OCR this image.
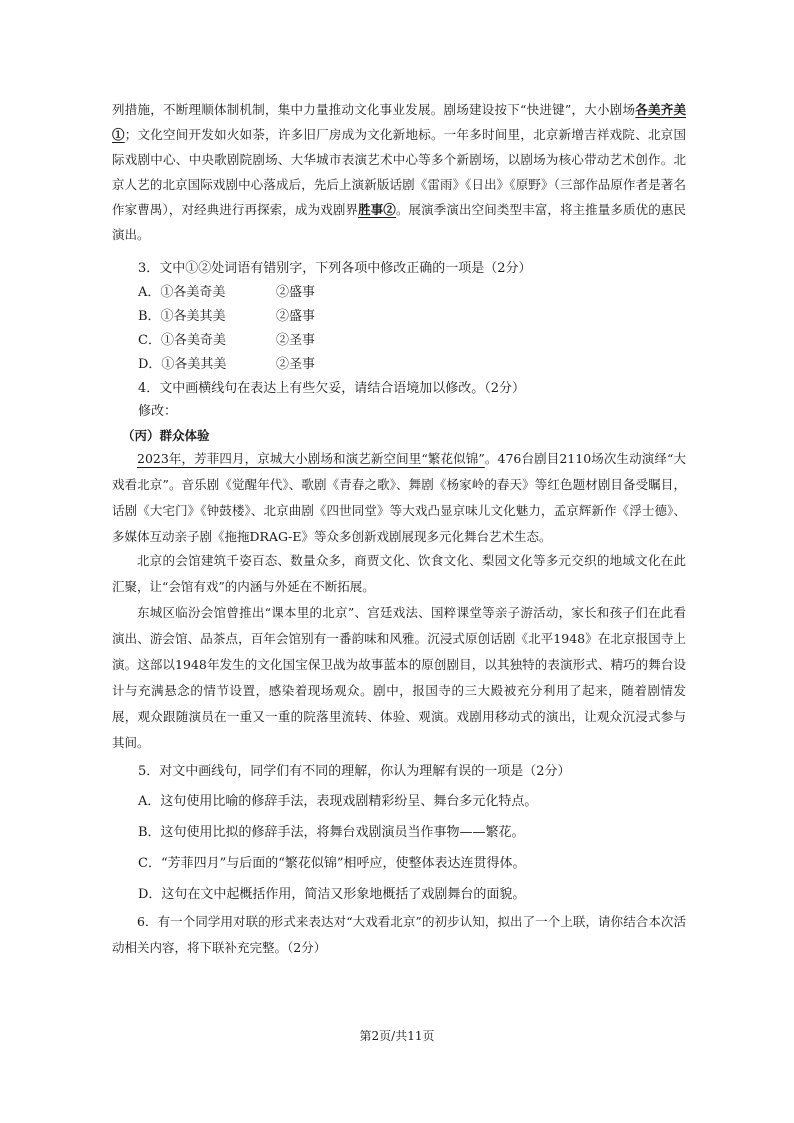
列措施，不断理顺体制机制，集中力量推动文化事业发展。剧场建设按下“快进键”，大小剧场各美齐美①；文化空间开发如火如荼，许多旧厂房成为文化新地标。一年多时间里，北京新增吉祥戏院、北京国际戏剧中心、中央歌剧院剧场、大华城市表演艺术中心等多个新剧场，以剧场为核心带动艺术创作。北京人艺的北京国际戏剧中心落成后，先后上演新版话剧《雷雨》《日出》《原野》（三部作品原作者是著名作家曹禺），对经典进行再探索，成为戏剧界胜事②。展演季演出空间类型丰富，将主推量多质优的惠民演出。

3．文中①②处词语有错别字，下列各项中修改正确的一项是（2分）

A．①各美奇美	②盛事

B．①各美其美	②盛事

C．①各美奇美	②圣事

D．①各美其美	②圣事

4．文中画横线句在表达上有些欠妥，请结合语境加以修改。（2分）

修改：

（丙）群众体验

2023年，芳菲四月，京城大小剧场和演艺新空间里“繁花似锦”。476台剧目2110场次生动演绎“大戏看北京”。音乐剧《觉醒年代》、歌剧《青春之歌》、舞剧《杨家岭的春天》等红色题材剧目备受瞩目，话剧《大宅门》《钟鼓楼》、北京曲剧《四世同堂》等大戏凸显京味儿文化魅力，孟京辉新作《浮士德》、多媒体互动亲子剧《拖拖DRAG-E》等众多创新戏剧展现多元化舞台艺术生态。

北京的会馆建筑千姿百态、数量众多，商贾文化、饮食文化、梨园文化等多元交织的地域文化在此汇聚，让“会馆有戏”的内涵与外延在不断拓展。

东城区临汾会馆曾推出“课本里的北京”、宫廷戏法、国粹课堂等亲子游活动，家长和孩子们在此看演出、游会馆、品茶点，百年会馆别有一番韵味和风雅。沉浸式原创话剧《北平1948》在北京报国寺上演。这部以1948年发生的文化国宝保卫战为故事蓝本的原创剧目，以其独特的表演形式、精巧的舞台设计与充满悬念的情节设置，感染着现场观众。剧中，报国寺的三大殿被充分利用了起来，随着剧情发展，观众跟随演员在一重又一重的院落里流转、体验、观演。戏剧用移动式的演出，让观众沉浸式参与其间。

5．对文中画线句，同学们有不同的理解，你认为理解有误的一项是（2分）

A．这句使用比喻的修辞手法，表现戏剧精彩纷呈、舞台多元化特点。

B．这句使用比拟的修辞手法，将舞台戏剧演员当作事物——繁花。

C．“芳菲四月”与后面的“繁花似锦”相呼应，使整体表达连贯得体。

D．这句在文中起概括作用，简洁又形象地概括了戏剧舞台的面貌。

6．有一个同学用对联的形式来表达对“大戏看北京”的初步认知，拟出了一个上联，请你结合本次活动相关内容，将下联补充完整。（2分）

第2页/共11页
